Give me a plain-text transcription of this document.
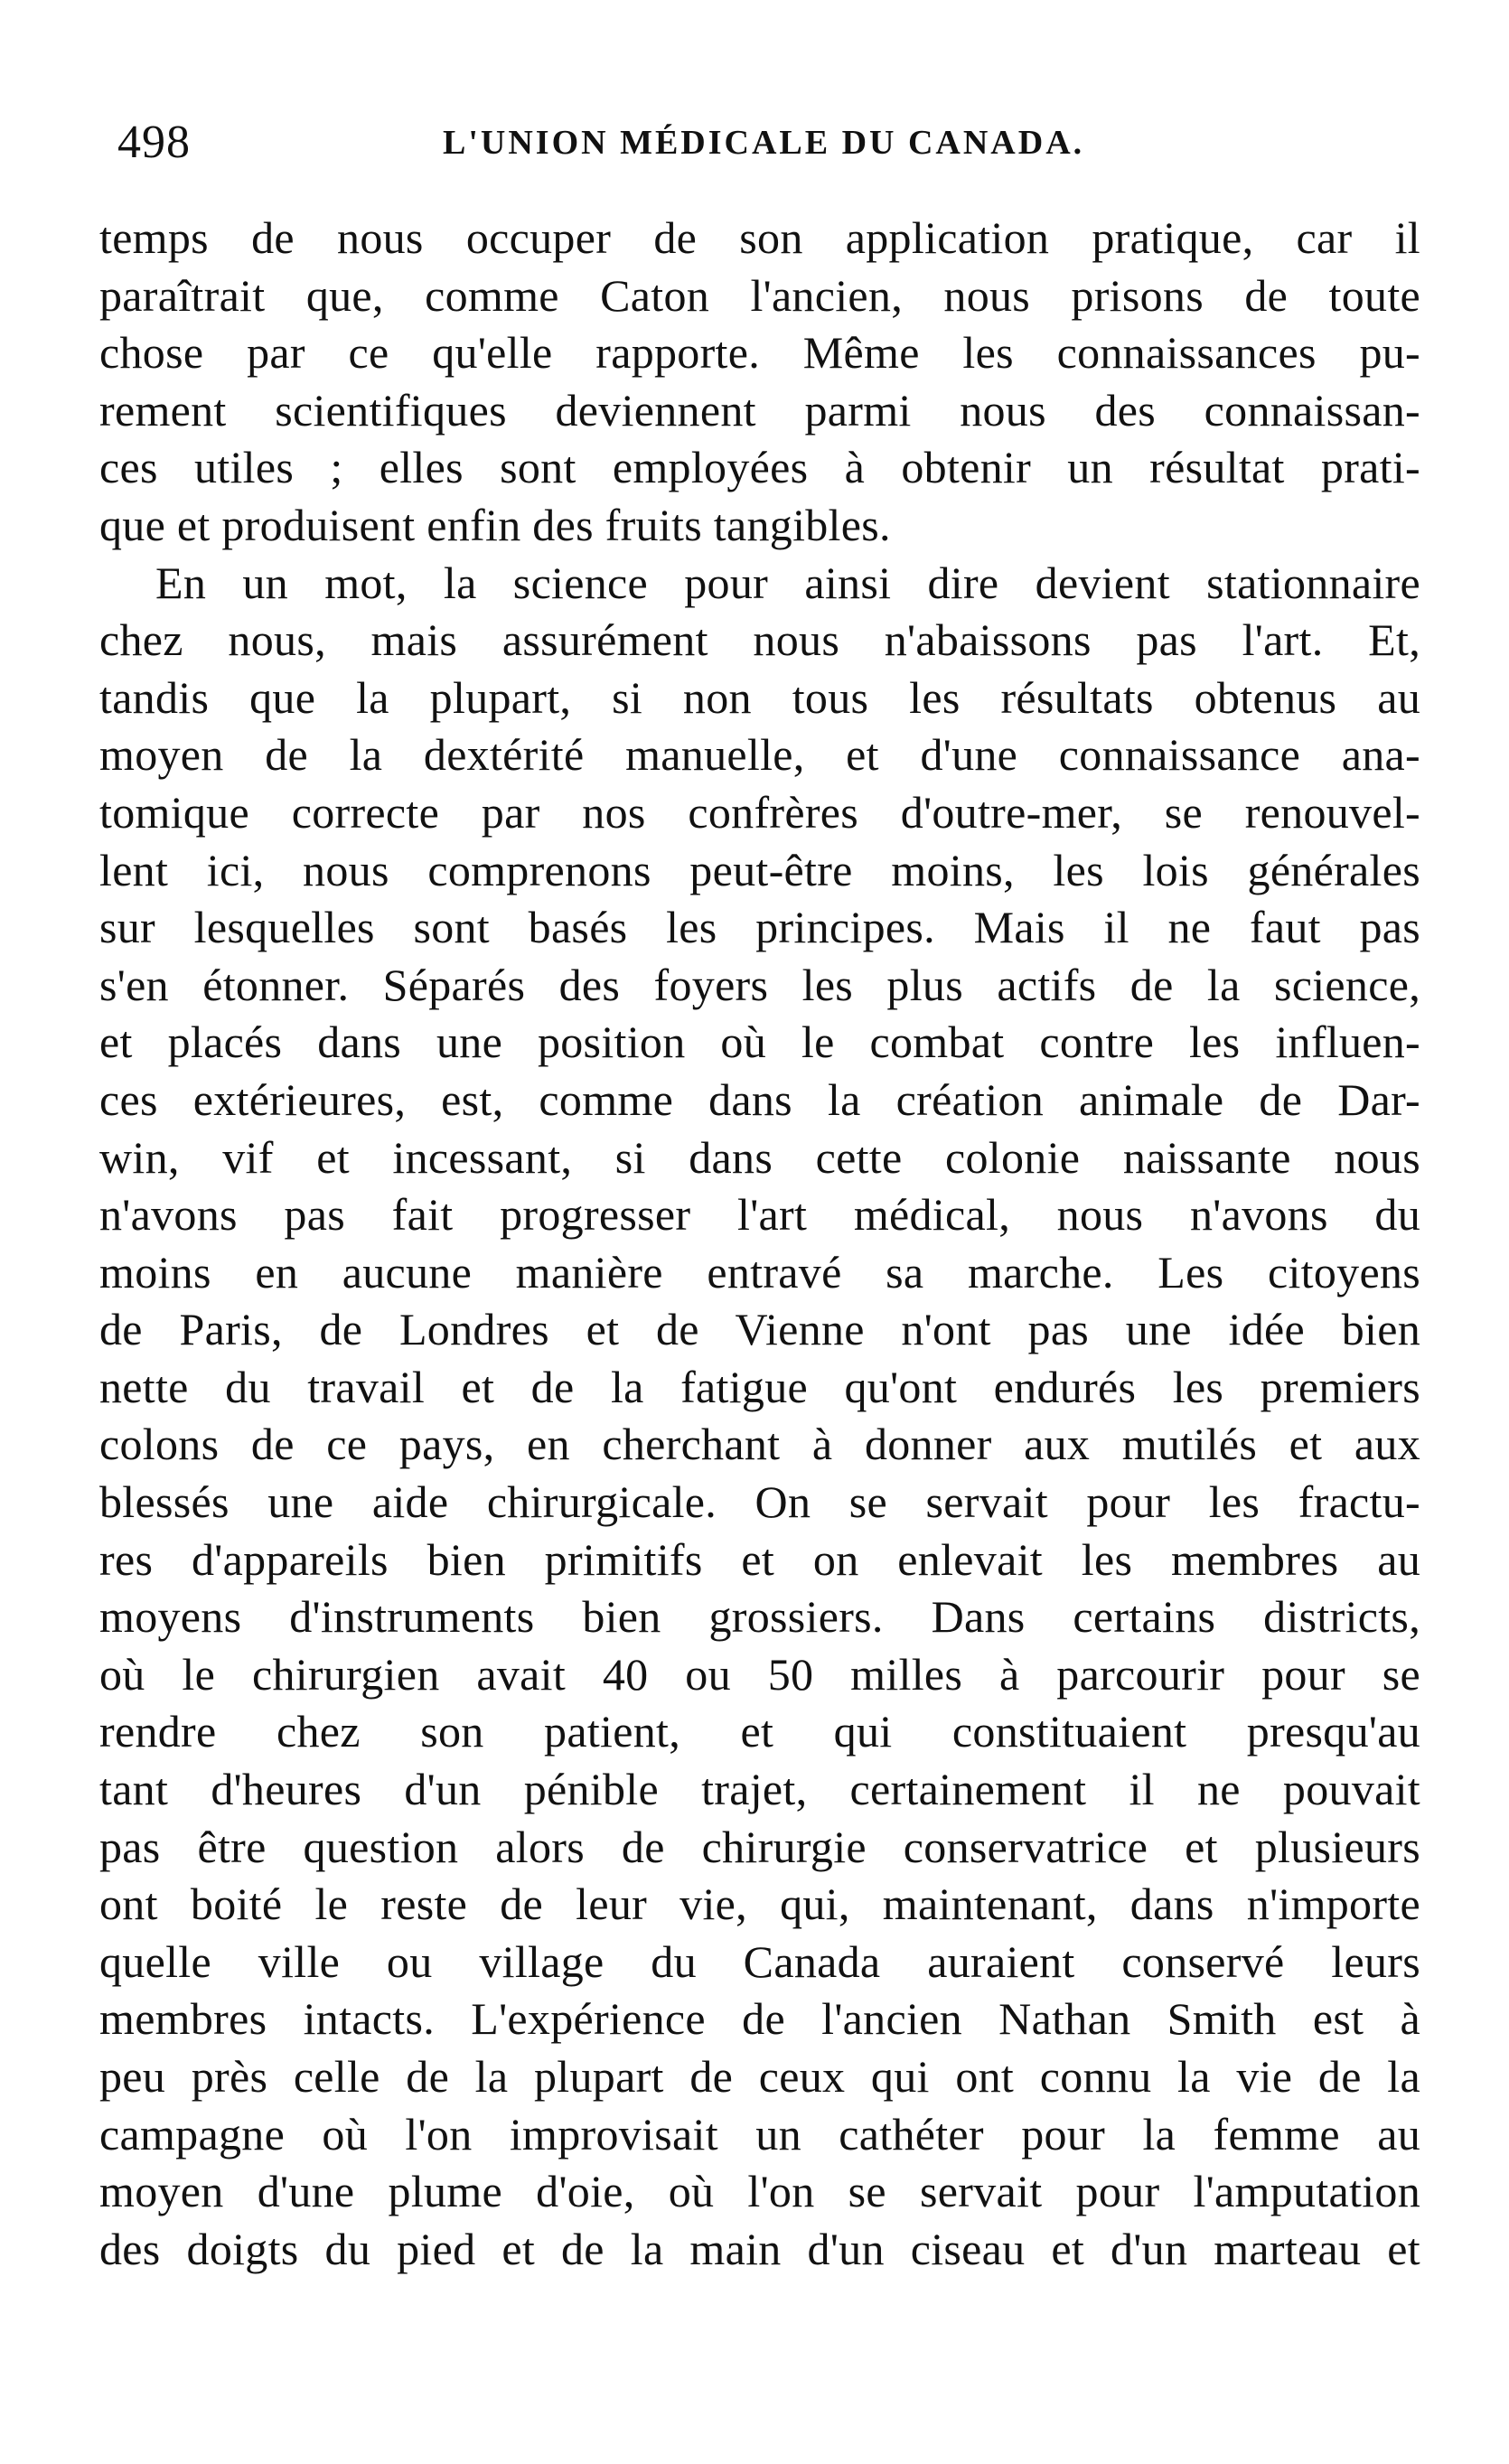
498	L'UNION MÉDICALE DU CANADA.
temps de nous occuper de son application pratique, car il
paraîtrait que, comme Caton l'ancien, nous prisons de toute
chose par ce qu'elle rapporte. Même les connaissances pu-
rement scientifiques deviennent parmi nous des connaissan-
ces utiles ; elles sont employées à obtenir un résultat prati-
que et produisent enfin des fruits tangibles.
En un mot, la science pour ainsi dire devient stationnaire
chez nous, mais assurément nous n'abaissons pas l'art. Et,
tandis que la plupart, si non tous les résultats obtenus au
moyen de la dextérité manuelle, et d'une connaissance ana-
tomique correcte par nos confrères d'outre-mer, se renouvel-
lent ici, nous comprenons peut-être moins, les lois générales
sur lesquelles sont basés les principes. Mais il ne faut pas
s'en étonner. Séparés des foyers les plus actifs de la science,
et placés dans une position où le combat contre les influen-
ces extérieures, est, comme dans la création animale de Dar-
win, vif et incessant, si dans cette colonie naissante nous
n'avons pas fait progresser l'art médical, nous n'avons du
moins en aucune manière entravé sa marche. Les citoyens
de Paris, de Londres et de Vienne n'ont pas une idée bien
nette du travail et de la fatigue qu'ont endurés les premiers
colons de ce pays, en cherchant à donner aux mutilés et aux
blessés une aide chirurgicale. On se servait pour les fractu-
res d'appareils bien primitifs et on enlevait les membres au
moyens d'instruments bien grossiers. Dans certains districts,
où le chirurgien avait 40 ou 50 milles à parcourir pour se
rendre chez son patient, et qui constituaient presqu'au
tant d'heures d'un pénible trajet, certainement il ne pouvait
pas être question alors de chirurgie conservatrice et plusieurs
ont boité le reste de leur vie, qui, maintenant, dans n'importe
quelle ville ou village du Canada auraient conservé leurs
membres intacts. L'expérience de l'ancien Nathan Smith est à
peu près celle de la plupart de ceux qui ont connu la vie de la
campagne où l'on improvisait un cathéter pour la femme au
moyen d'une plume d'oie, où l'on se servait pour l'amputation
des doigts du pied et de la main d'un ciseau et d'un marteau et
